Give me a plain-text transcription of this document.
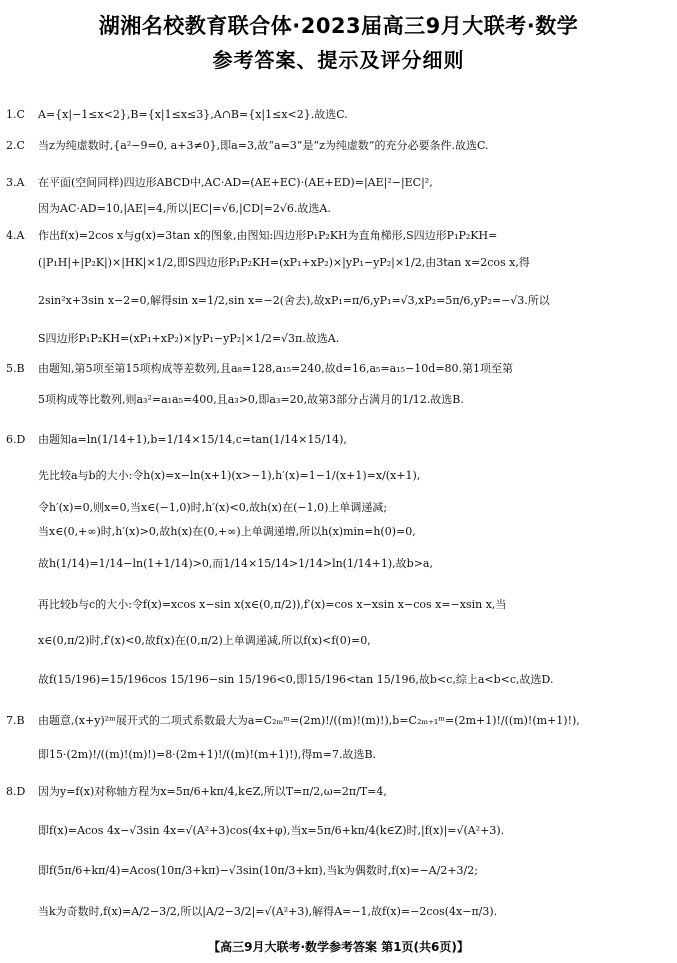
湖湘名校教育联合体·2023届高三9月大联考·数学
参考答案、提示及评分细则
1.C A={x|−1≤x<2},B={x|1≤x≤3},A∩B={x|1≤x<2}.故选C.
2.C 当z为纯虚数时,{a²−9=0, a+3≠0},即a=3,故“a=3”是“z为纯虚数”的充分必要条件.故选C.
3.A 在平面(空间同样)四边形ABCD中,AC·AD=(AE+EC)·(AE+ED)=|AE|²−|EC|²,
因为AC·AD=10,|AE|=4,所以|EC|=√6,|CD|=2√6.故选A.
4.A 作出f(x)=2cos x与g(x)=3tan x的图象,由图知:四边形P₁P₂KH为直角梯形,S四边形P₁P₂KH=
(|P₁H|+|P₂K|)×|HK|×1/2,即S四边形P₁P₂KH=(xP₁+xP₂)×|yP₁−yP₂|×1/2,由3tan x=2cos x,得
2sin²x+3sin x−2=0,解得sin x=1/2,sin x=−2(舍去),故xP₁=π/6,yP₁=√3,xP₂=5π/6,yP₂=−√3.所以
S四边形P₁P₂KH=(xP₁+xP₂)×|yP₁−yP₂|×1/2=√3π.故选A.
5.B 由题知,第5项至第15项构成等差数列,且a₈=128,a₁₅=240,故d=16,a₅=a₁₅−10d=80.第1项至第
5项构成等比数列,则a₃²=a₁a₅=400,且a₃>0,即a₃=20,故第3部分占满月的1/12.故选B.
6.D 由题知a=ln(1/14+1),b=1/14×15/14,c=tan(1/14×15/14),
先比较a与b的大小:令h(x)=x−ln(x+1)(x>−1),h′(x)=1−1/(x+1)=x/(x+1),
令h′(x)=0,则x=0,当x∈(−1,0)时,h′(x)<0,故h(x)在(−1,0)上单调递减;
当x∈(0,+∞)时,h′(x)>0,故h(x)在(0,+∞)上单调递增,所以h(x)min=h(0)=0,
故h(1/14)=1/14−ln(1+1/14)>0,而1/14×15/14>1/14>ln(1/14+1),故b>a,
再比较b与c的大小:令f(x)=xcos x−sin x(x∈(0,π/2)),f′(x)=cos x−xsin x−cos x=−xsin x,当
x∈(0,π/2)时,f′(x)<0,故f(x)在(0,π/2)上单调递减,所以f(x)<f(0)=0,
故f(15/196)=15/196cos 15/196−sin 15/196<0,即15/196<tan 15/196,故b<c,综上a<b<c,故选D.
7.B 由题意,(x+y)²ᵐ展开式的二项式系数最大为a=C₂ₘᵐ=(2m)!/((m)!(m)!),b=C₂ₘ₊₁ᵐ=(2m+1)!/((m)!(m+1)!),
即15·(2m)!/((m)!(m)!)=8·(2m+1)!/((m)!(m+1)!),得m=7.故选B.
8.D 因为y=f(x)对称轴方程为x=5π/6+kπ/4,k∈Z,所以T=π/2,ω=2π/T=4,
即f(x)=Acos 4x−√3sin 4x=√(A²+3)cos(4x+φ),当x=5π/6+kπ/4(k∈Z)时,|f(x)|=√(A²+3).
即f(5π/6+kπ/4)=Acos(10π/3+kπ)−√3sin(10π/3+kπ),当k为偶数时,f(x)=−A/2+3/2;
当k为奇数时,f(x)=A/2−3/2,所以|A/2−3/2|=√(A²+3),解得A=−1,故f(x)=−2cos(4x−π/3).
【高三9月大联考·数学参考答案 第1页(共6页)】
